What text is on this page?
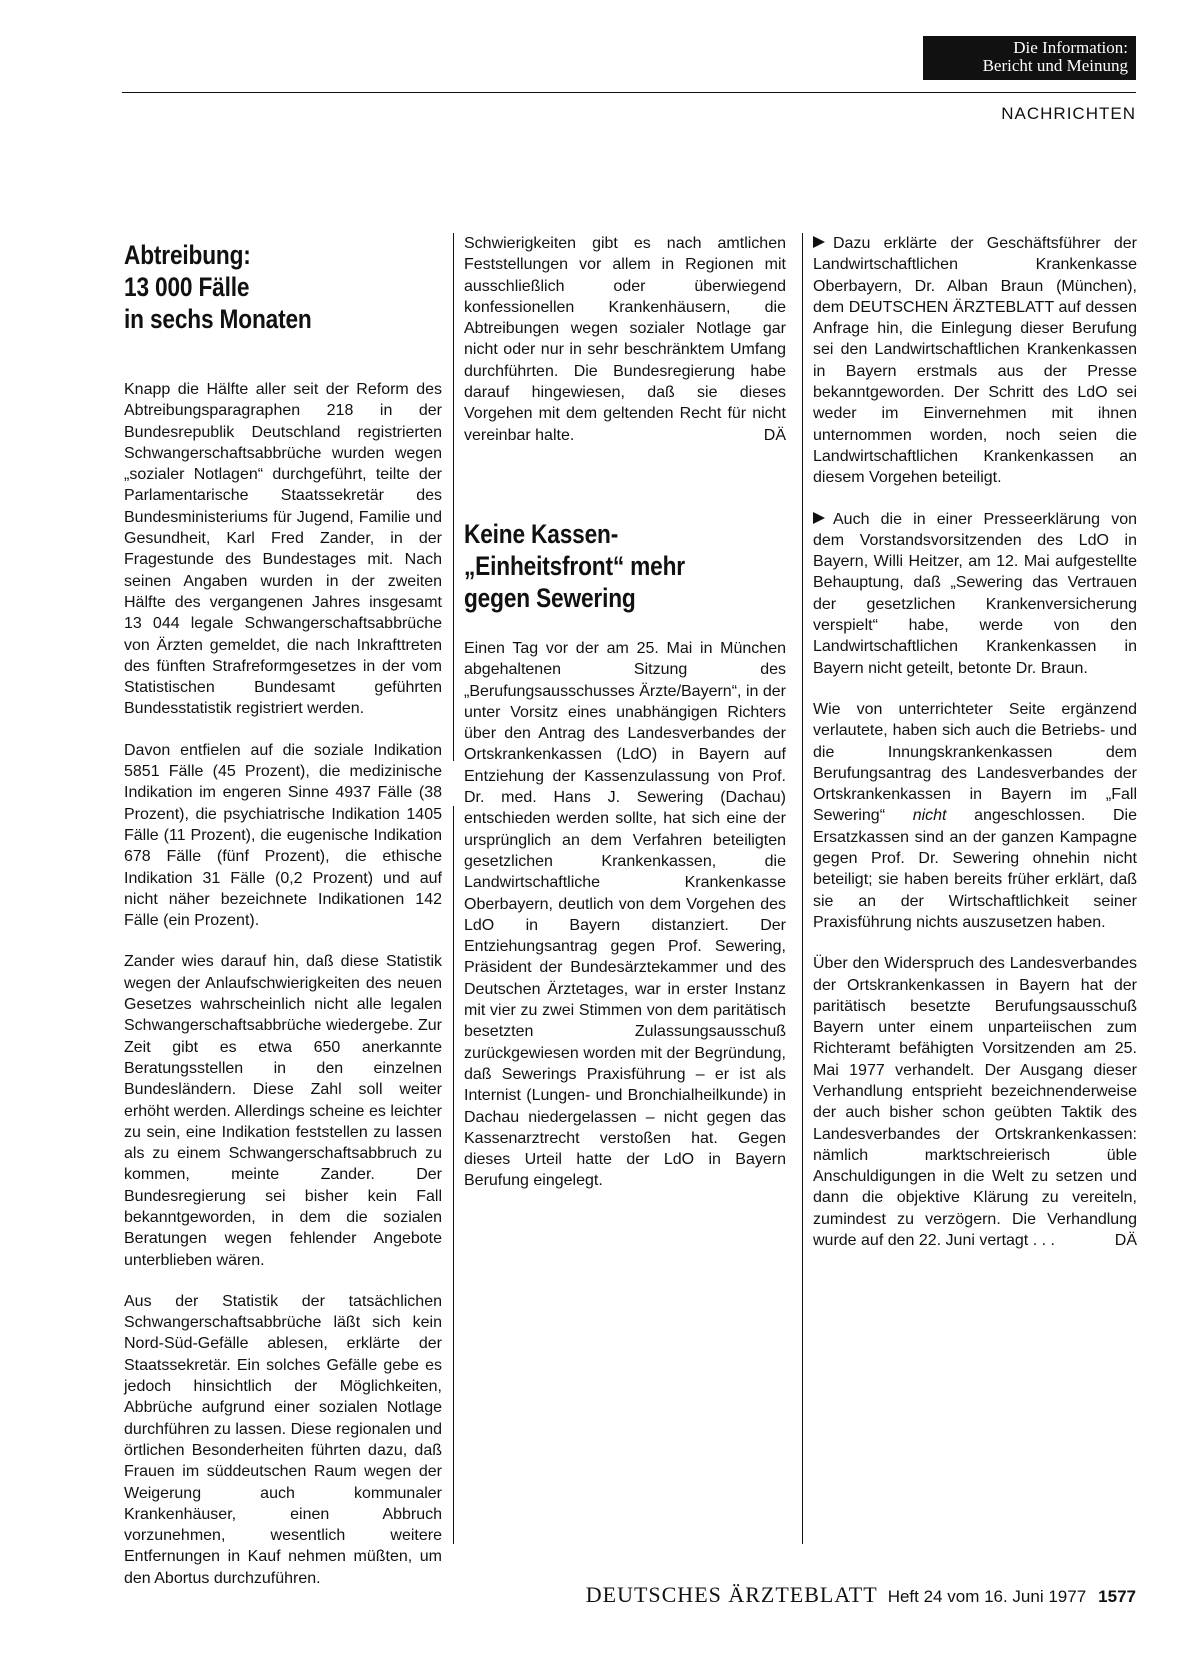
Die Information:
Bericht und Meinung
NACHRICHTEN
Abtreibung:
13 000 Fälle
in sechs Monaten

Knapp die Hälfte aller seit der Reform des Abtreibungsparagraphen 218 in der Bundesrepublik Deutschland registrierten Schwangerschaftsabbrüche wurden wegen „sozialer Notlagen“ durchgeführt, teilte der Parlamentarische Staatssekretär des Bundesministeriums für Jugend, Familie und Gesundheit, Karl Fred Zander, in der Fragestunde des Bundestages mit. Nach seinen Angaben wurden in der zweiten Hälfte des vergangenen Jahres insgesamt 13 044 legale Schwangerschaftsabbrüche von Ärzten gemeldet, die nach Inkrafttreten des fünften Strafreformgesetzes in der vom Statistischen Bundesamt geführten Bundesstatistik registriert werden.

Davon entfielen auf die soziale Indikation 5851 Fälle (45 Prozent), die medizinische Indikation im engeren Sinne 4937 Fälle (38 Prozent), die psychiatrische Indikation 1405 Fälle (11 Prozent), die eugenische Indikation 678 Fälle (fünf Prozent), die ethische Indikation 31 Fälle (0,2 Prozent) und auf nicht näher bezeichnete Indikationen 142 Fälle (ein Prozent).

Zander wies darauf hin, daß diese Statistik wegen der Anlaufschwierigkeiten des neuen Gesetzes wahrscheinlich nicht alle legalen Schwangerschaftsabbrüche wiedergebe. Zur Zeit gibt es etwa 650 anerkannte Beratungsstellen in den einzelnen Bundesländern. Diese Zahl soll weiter erhöht werden. Allerdings scheine es leichter zu sein, eine Indikation feststellen zu lassen als zu einem Schwangerschaftsabbruch zu kommen, meinte Zander. Der Bundesregierung sei bisher kein Fall bekanntgeworden, in dem die sozialen Beratungen wegen fehlender Angebote unterblieben wären.

Aus der Statistik der tatsächlichen Schwangerschaftsabbrüche läßt sich kein Nord-Süd-Gefälle ablesen, erklärte der Staatssekretär. Ein solches Gefälle gebe es jedoch hinsichtlich der Möglichkeiten, Abbrüche aufgrund einer sozialen Notlage durchführen zu lassen. Diese regionalen und örtlichen Besonderheiten führten dazu, daß Frauen im süddeutschen Raum wegen der Weigerung auch kommunaler Krankenhäuser, einen Abbruch vorzunehmen, wesentlich weitere Entfernungen in Kauf nehmen müßten, um den Abortus durchzuführen.

Schwierigkeiten gibt es nach amtlichen Feststellungen vor allem in Regionen mit ausschließlich oder überwiegend konfessionellen Krankenhäusern, die Abtreibungen wegen sozialer Notlage gar nicht oder nur in sehr beschränktem Umfang durchführten. Die Bundesregierung habe darauf hingewiesen, daß sie dieses Vorgehen mit dem geltenden Recht für nicht vereinbar halte.	DÄ

Keine Kassen-
„Einheitsfront“ mehr
gegen Sewering

Einen Tag vor der am 25. Mai in München abgehaltenen Sitzung des „Berufungsausschusses Ärzte/Bayern“, in der unter Vorsitz eines unabhängigen Richters über den Antrag des Landesverbandes der Ortskrankenkassen (LdO) in Bayern auf Entziehung der Kassenzulassung von Prof. Dr. med. Hans J. Sewering (Dachau) entschieden werden sollte, hat sich eine der ursprünglich an dem Verfahren beteiligten gesetzlichen Krankenkassen, die Landwirtschaftliche Krankenkasse Oberbayern, deutlich von dem Vorgehen des LdO in Bayern distanziert. Der Entziehungsantrag gegen Prof. Sewering, Präsident der Bundesärztekammer und des Deutschen Ärztetages, war in erster Instanz mit vier zu zwei Stimmen von dem paritätisch besetzten Zulassungsausschuß zurückgewiesen worden mit der Begründung, daß Sewerings Praxisführung – er ist als Internist (Lungen- und Bronchialheilkunde) in Dachau niedergelassen – nicht gegen das Kassenarztrecht verstoßen hat. Gegen dieses Urteil hatte der LdO in Bayern Berufung eingelegt.

Dazu erklärte der Geschäftsführer der Landwirtschaftlichen Krankenkasse Oberbayern, Dr. Alban Braun (München), dem DEUTSCHEN ÄRZTEBLATT auf dessen Anfrage hin, die Einlegung dieser Berufung sei den Landwirtschaftlichen Krankenkassen in Bayern erstmals aus der Presse bekanntgeworden. Der Schritt des LdO sei weder im Einvernehmen mit ihnen unternommen worden, noch seien die Landwirtschaftlichen Krankenkassen an diesem Vorgehen beteiligt.

Auch die in einer Presseerklärung von dem Vorstandsvorsitzenden des LdO in Bayern, Willi Heitzer, am 12. Mai aufgestellte Behauptung, daß „Sewering das Vertrauen der gesetzlichen Krankenversicherung verspielt“ habe, werde von den Landwirtschaftlichen Krankenkassen in Bayern nicht geteilt, betonte Dr. Braun.

Wie von unterrichteter Seite ergänzend verlautete, haben sich auch die Betriebs- und die Innungskrankenkassen dem Berufungsantrag des Landesverbandes der Ortskrankenkassen in Bayern im „Fall Sewering“ nicht angeschlossen. Die Ersatzkassen sind an der ganzen Kampagne gegen Prof. Dr. Sewering ohnehin nicht beteiligt; sie haben bereits früher erklärt, daß sie an der Wirtschaftlichkeit seiner Praxisführung nichts auszusetzen haben.

Über den Widerspruch des Landesverbandes der Ortskrankenkassen in Bayern hat der paritätisch besetzte Berufungsausschuß Bayern unter einem unparteiischen zum Richteramt befähigten Vorsitzenden am 25. Mai 1977 verhandelt. Der Ausgang dieser Verhandlung entsprieht bezeichnenderweise der auch bisher schon geübten Taktik des Landesverbandes der Ortskrankenkassen: nämlich marktschreierisch üble Anschuldigungen in die Welt zu setzen und dann die objektive Klärung zu vereiteln, zumindest zu verzögern. Die Verhandlung wurde auf den 22. Juni vertagt . . .	DÄ

DEUTSCHES ÄRZTEBLATT Heft 24 vom 16. Juni 1977 1577
